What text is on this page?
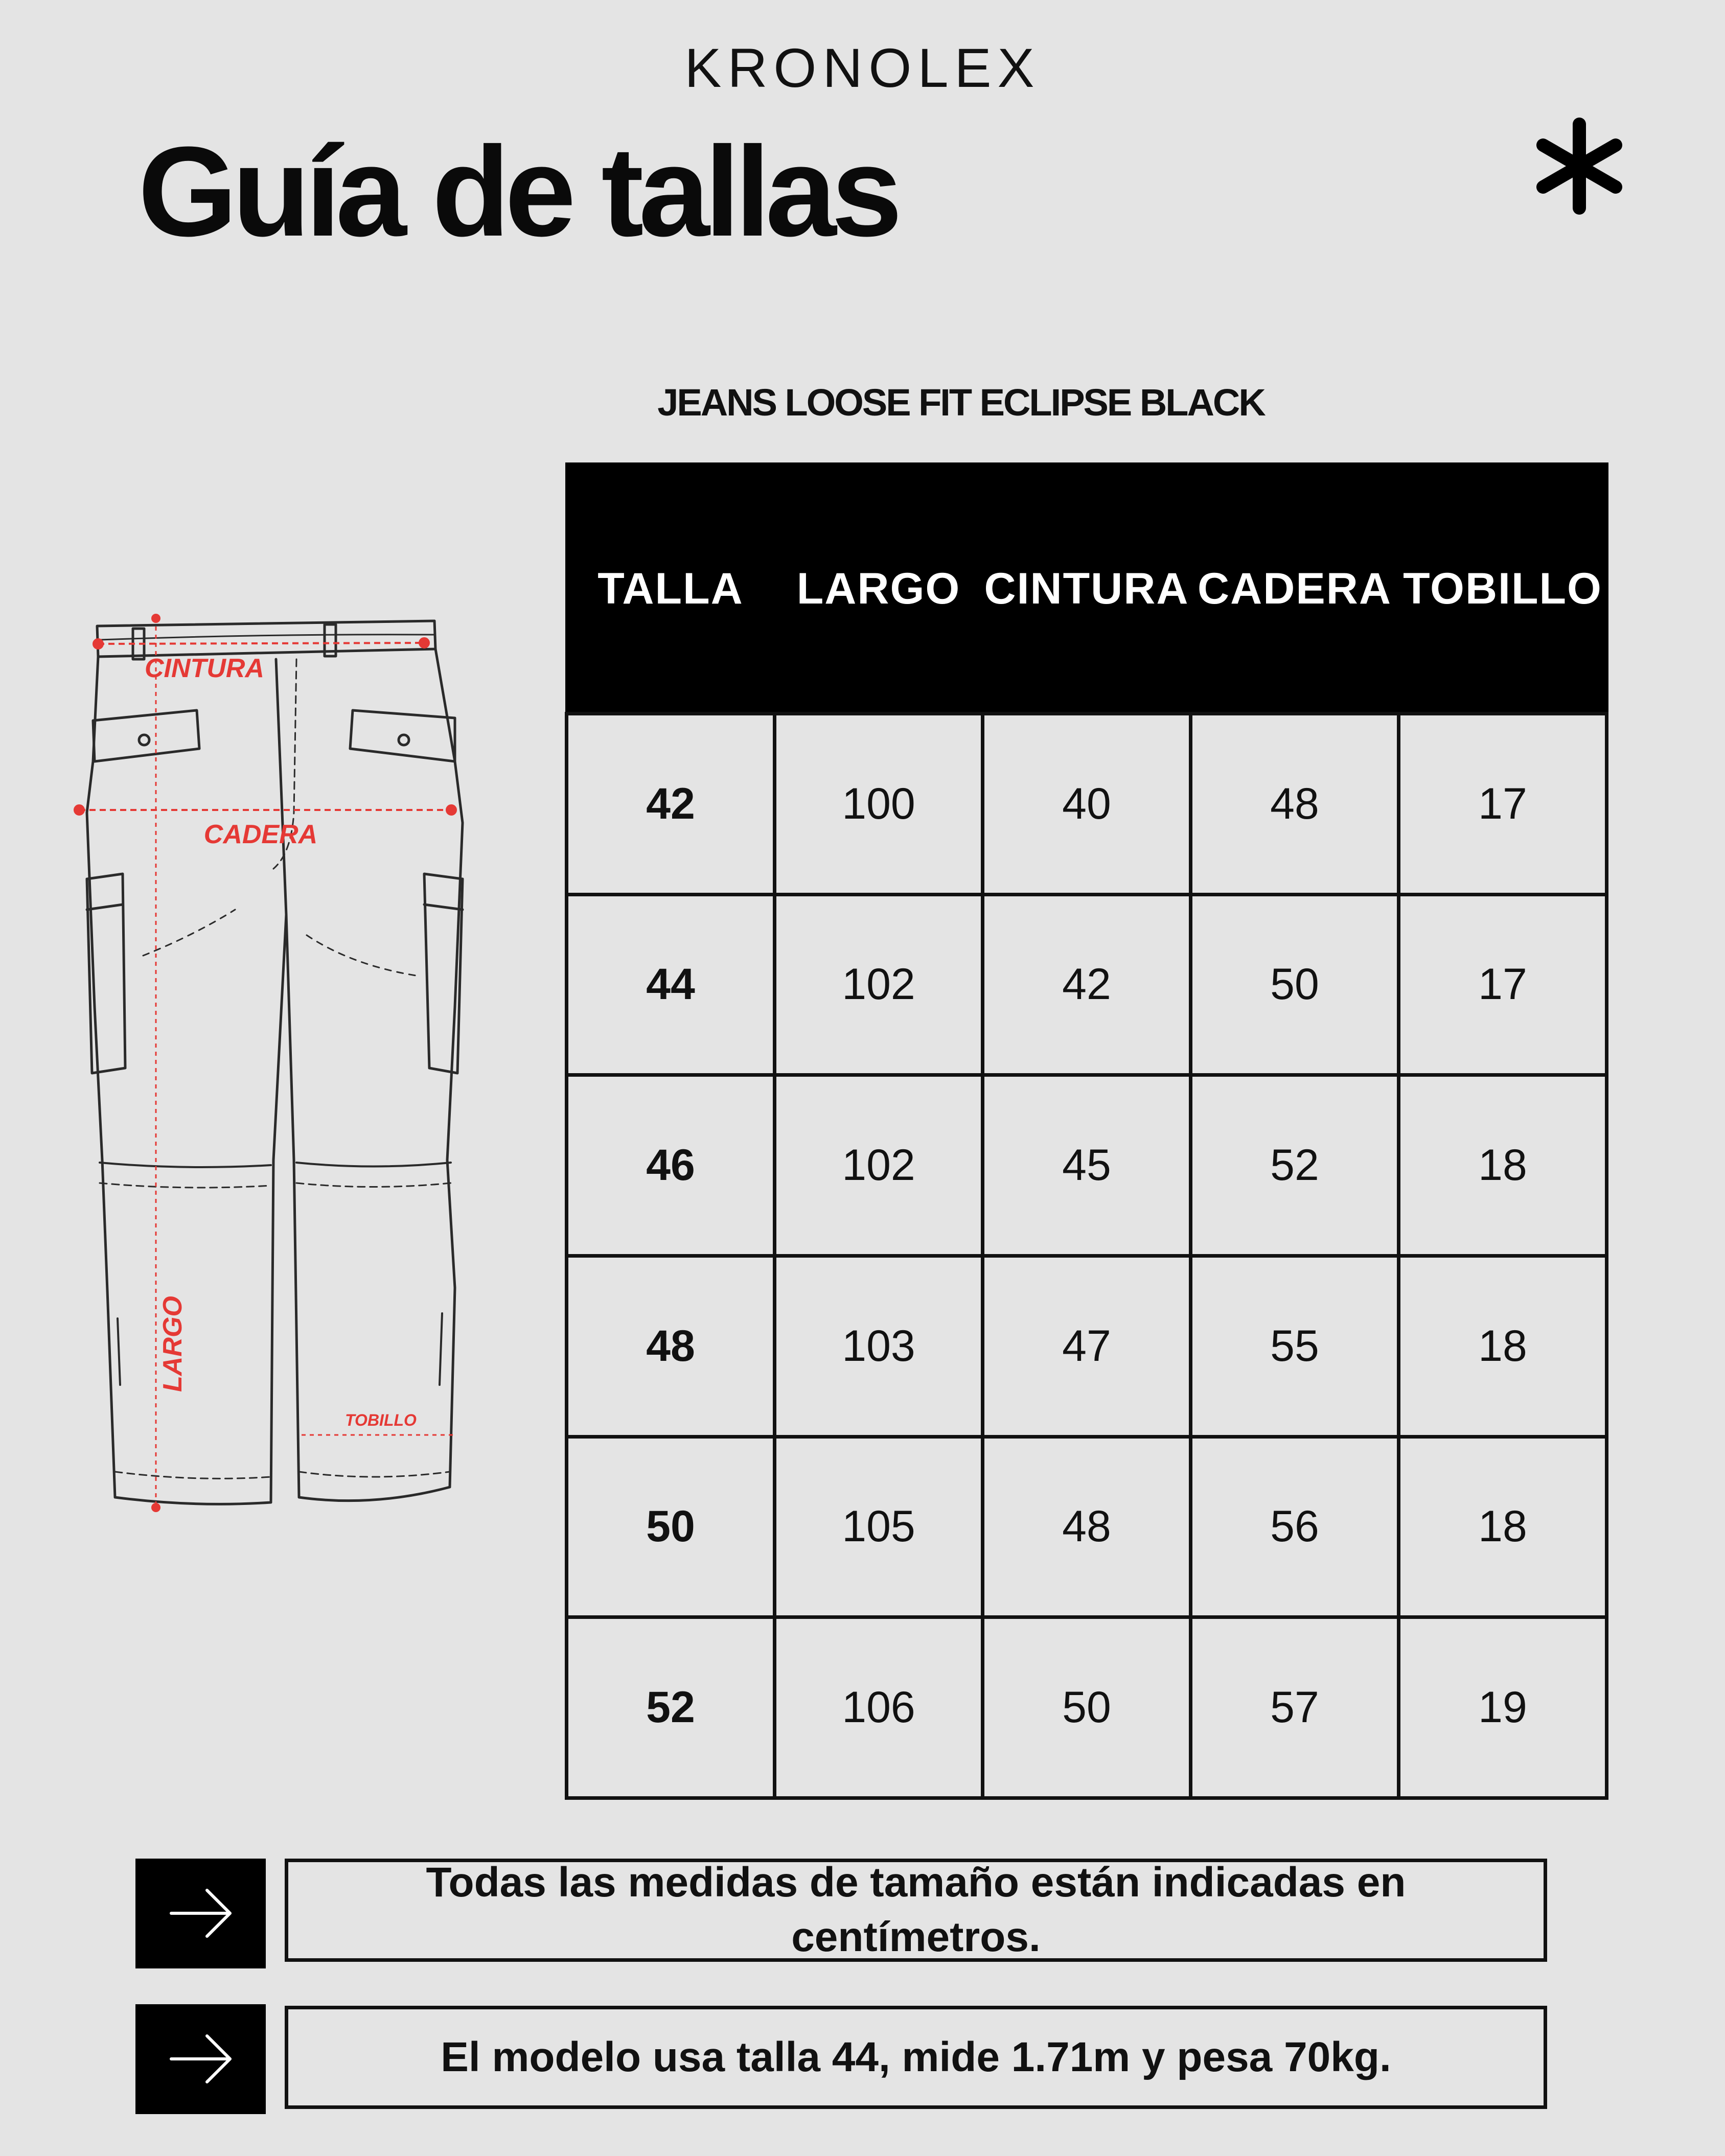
KRONOLEX
Guía de tallas
JEANS LOOSE FIT ECLIPSE BLACK
CINTURA
CADERA
LARGO
TOBILLO
TALLA	LARGO	CINTURA	CADERA	TOBILLO
42	100	40	48	17
44	102	42	50	17
46	102	45	52	18
48	103	47	55	18
50	105	48	56	18
52	106	50	57	19
Todas las medidas de tamaño están indicadas en centímetros.
El modelo usa talla 44, mide 1.71m y pesa 70kg.
